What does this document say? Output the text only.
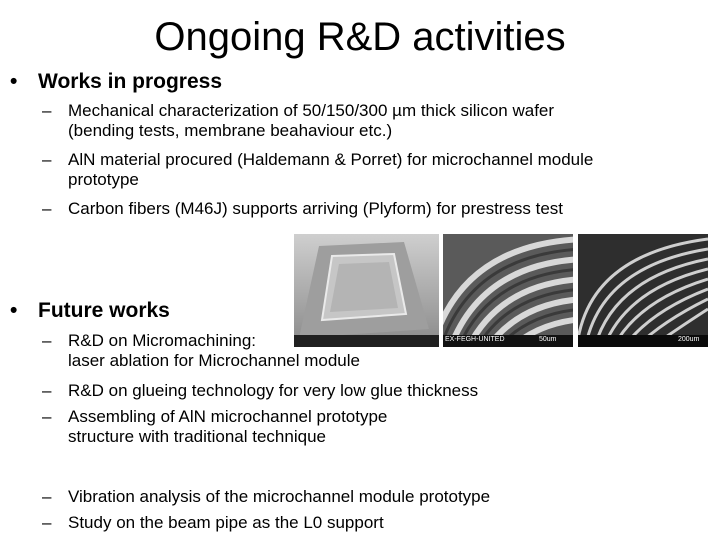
Ongoing R&D activities
• Works in progress
– Mechanical characterization of 50/150/300 µm thick silicon wafer
(bending tests, membrane beahaviour etc.)
– AlN material procured (Haldemann & Porret) for microchannel module
prototype
– Carbon fibers (M46J) supports arriving (Plyform) for prestress test
EX-FEGH-UNITED	50um	200um
• Future works
– R&D on Micromachining:
laser ablation for Microchannel module
– R&D on glueing technology for very low glue thickness
– Assembling of AlN microchannel prototype
structure with traditional technique
– Vibration analysis of the microchannel module prototype
– Study on the beam pipe as the L0 support
